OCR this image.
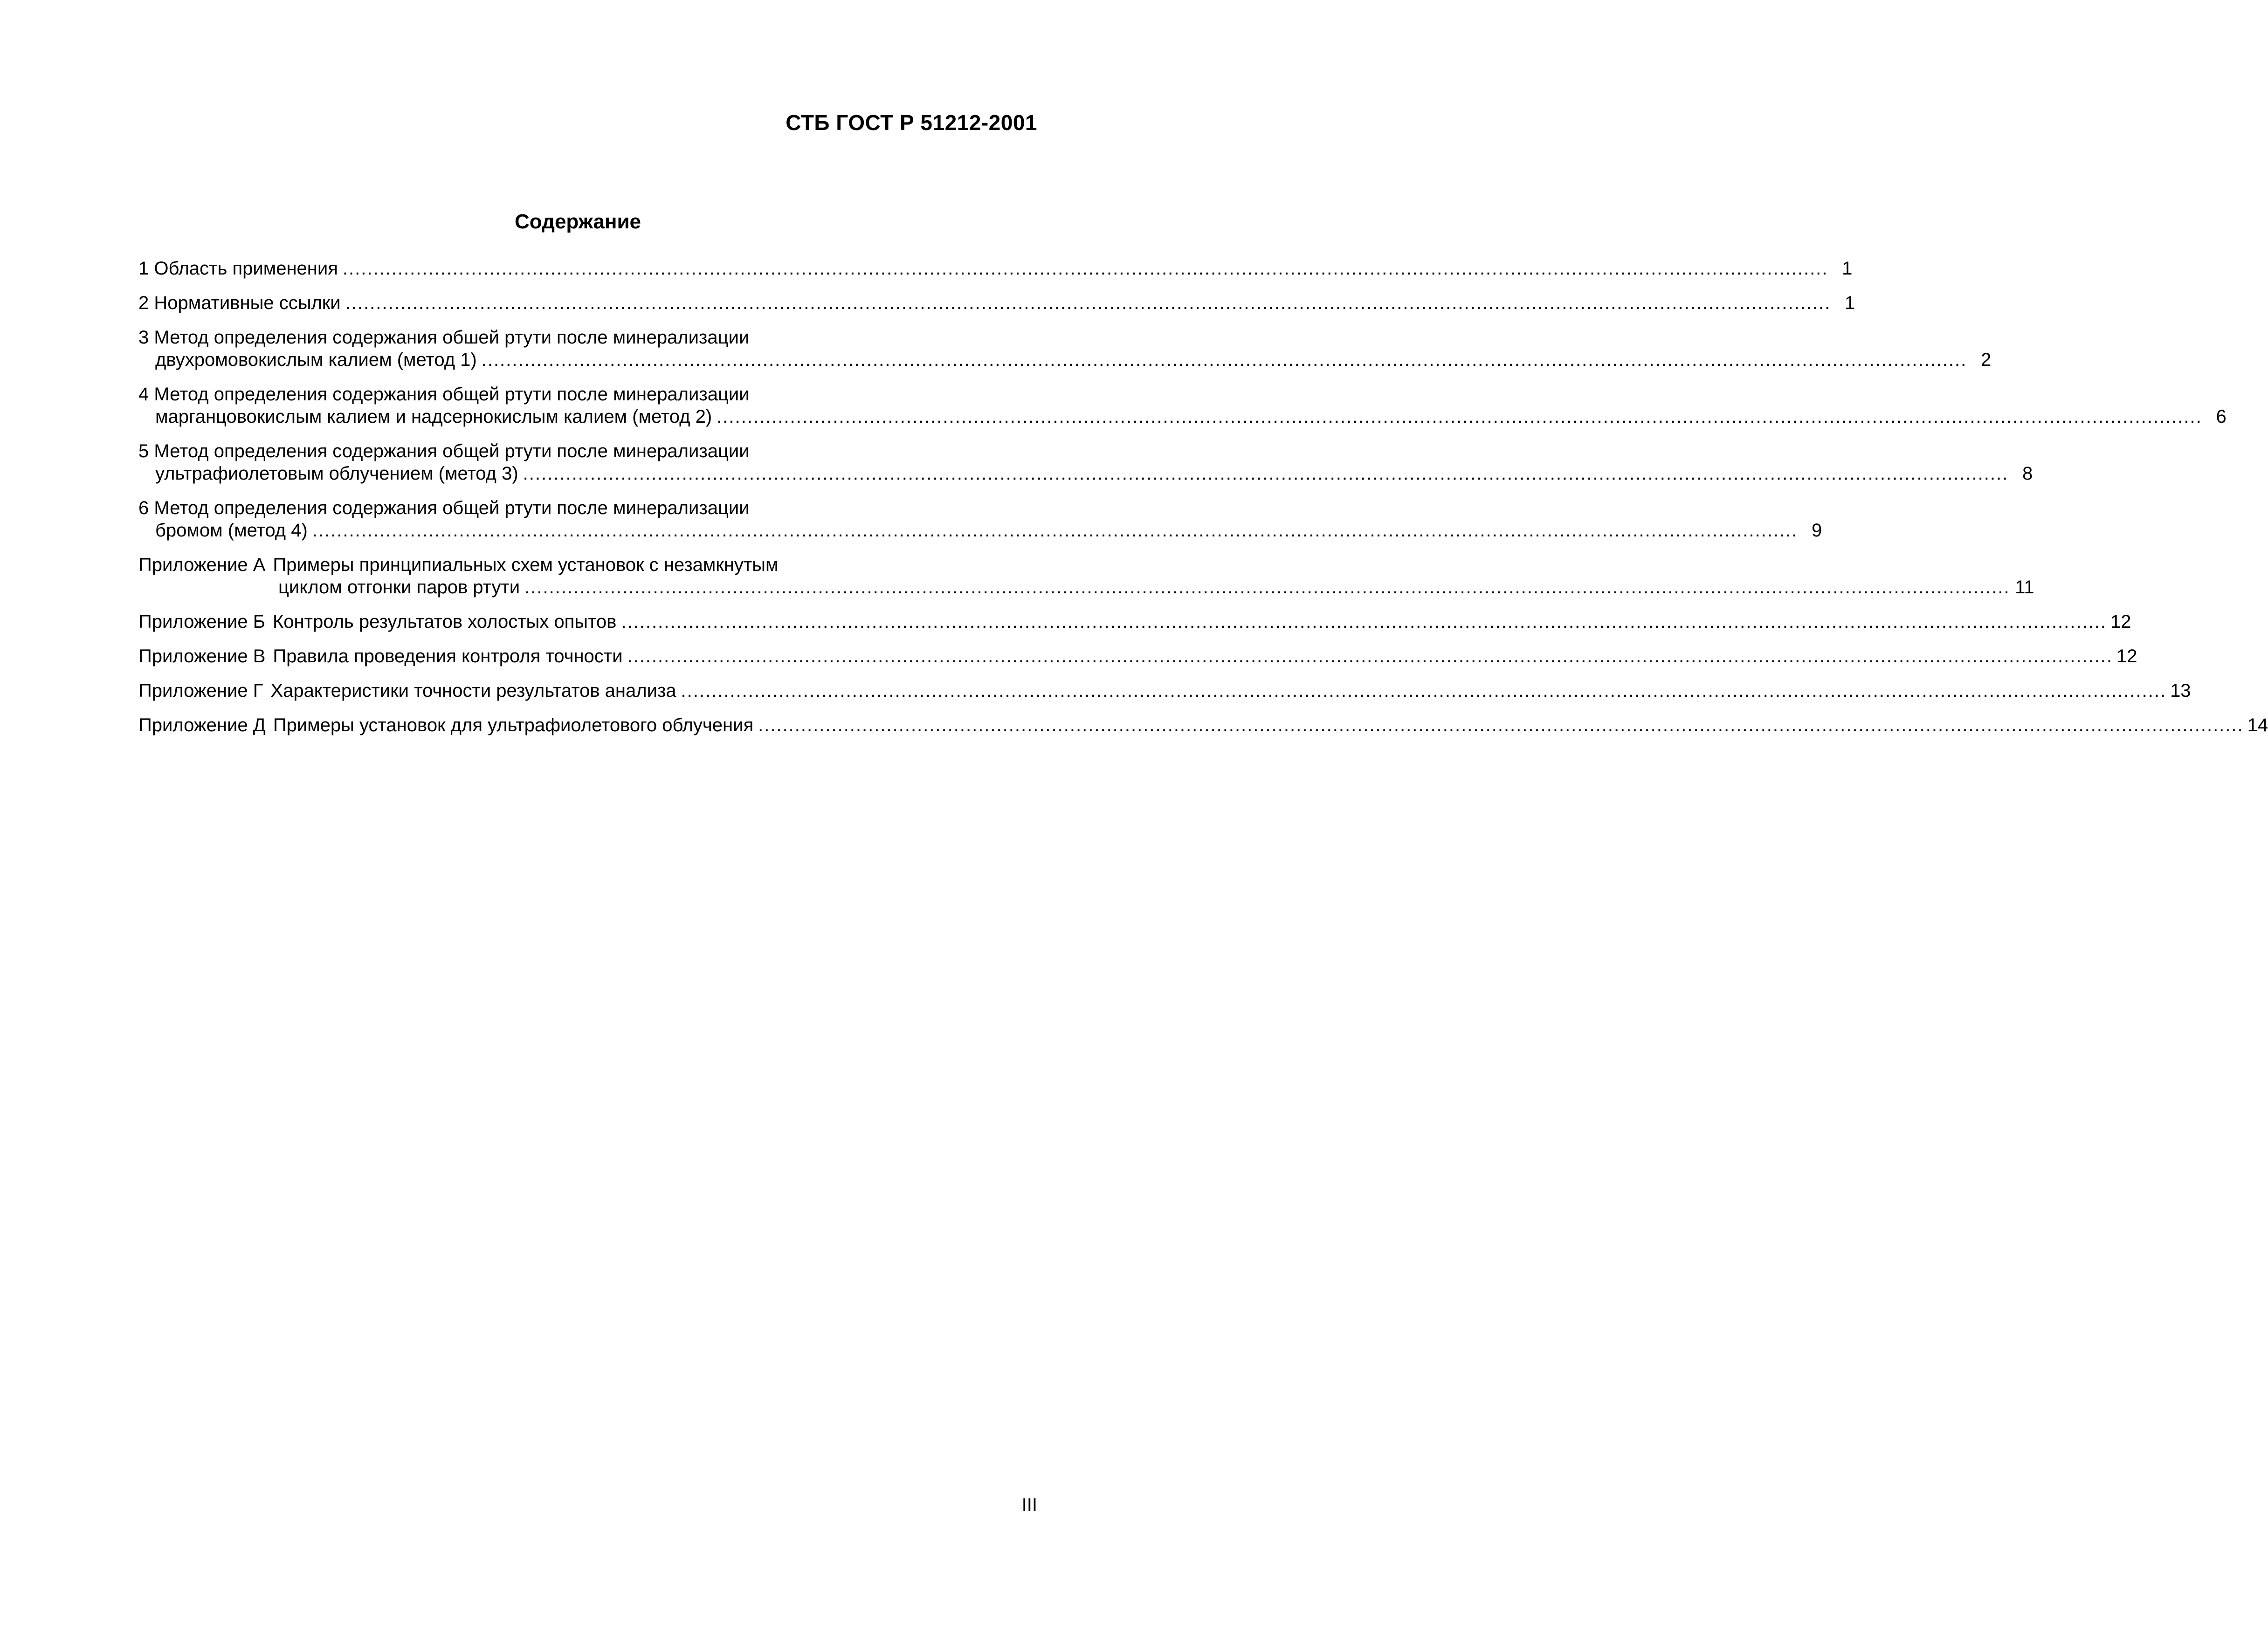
СТБ ГОСТ Р 51212-2001
Содержание
1 Область применения ................................................................................................................................................................................................................................................... 1
2 Нормативные ссылки ................................................................................................................................................................................................................................................... 1
3 Метод определения содержания обшей ртути после минерализации
двухромовокислым калием (метод 1) ................................................................................................................................................................................................................................................... 2
4 Метод определения содержания общей ртути после минерализации
марганцовокислым калием и надсернокислым калием (метод 2) ................................................................................................................................................................................................................................................... 6
5 Метод определения содержания общей ртути после минерализации
ультрафиолетовым облучением (метод 3) ................................................................................................................................................................................................................................................... 8
6 Метод определения содержания общей ртути после минерализации
бромом (метод 4) ................................................................................................................................................................................................................................................... 9
Приложение А Примеры принципиальных схем установок с незамкнутым
циклом отгонки паров ртути ................................................................................................................................................................................................................................................... 11
Приложение Б Контроль результатов холостых опытов ................................................................................................................................................................................................................................................... 12
Приложение В Правила проведения контроля точности ................................................................................................................................................................................................................................................... 12
Приложение Г Характеристики точности результатов анализа ................................................................................................................................................................................................................................................... 13
Приложение Д Примеры установок для ультрафиолетового облучения ................................................................................................................................................................................................................................................... 14
III
